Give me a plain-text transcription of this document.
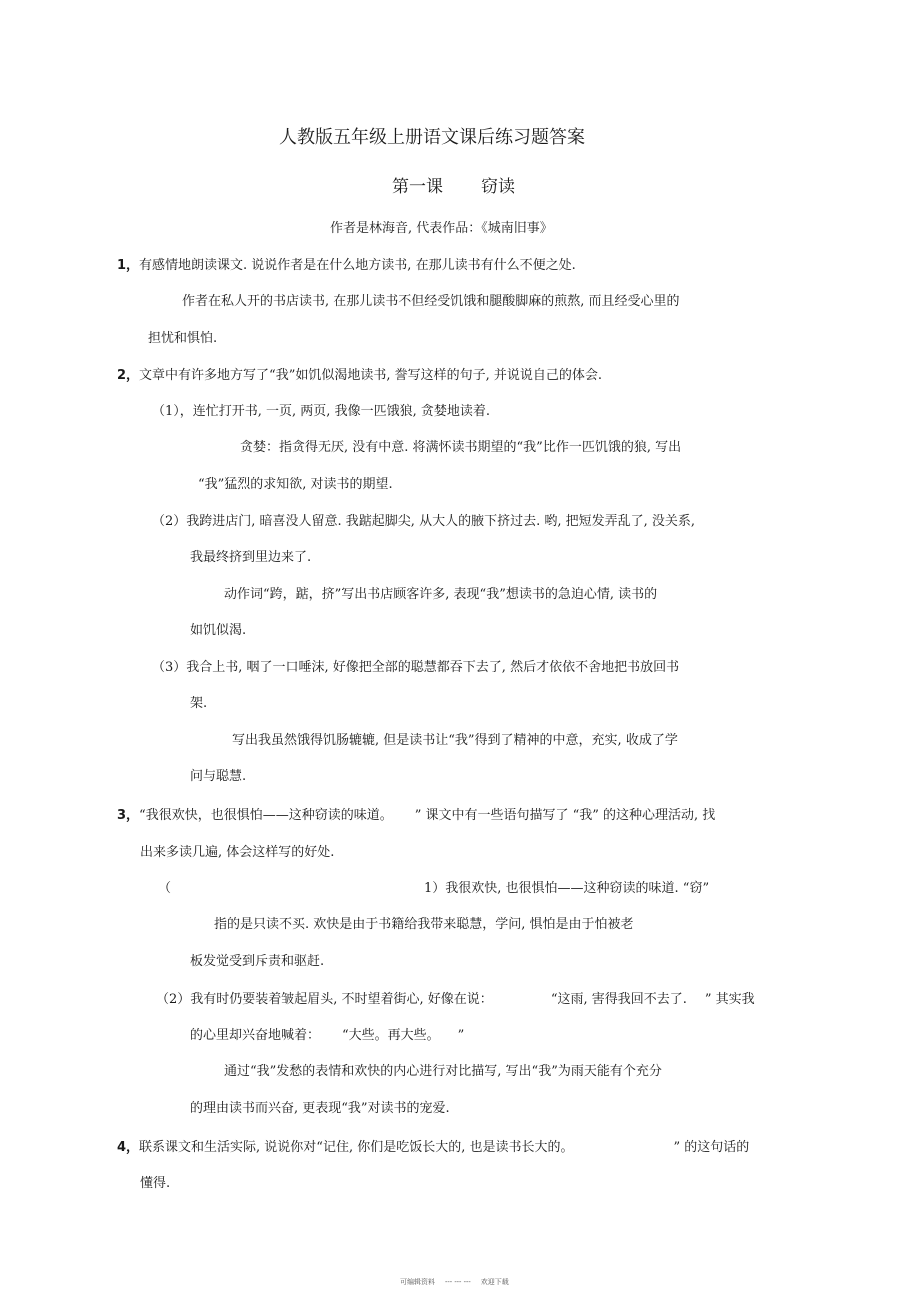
人教版五年级上册语文课后练习题答案
第一课 窃读
作者是林海音, 代表作品：《城南旧事》
1，有感情地朗读课文. 说说作者是在什么地方读书, 在那儿读书有什么不便之处.
作者在私人开的书店读书, 在那儿读书不但经受饥饿和腿酸脚麻的煎熬, 而且经受心里的
担忧和惧怕.
2，文章中有许多地方写了“我”如饥似渴地读书, 誊写这样的句子, 并说说自己的体会.
（1），连忙打开书, 一页, 两页, 我像一匹饿狼, 贪婪地读着.
贪婪：指贪得无厌, 没有中意. 将满怀读书期望的“我”比作一匹饥饿的狼, 写出
“我”猛烈的求知欲, 对读书的期望.
（2）我跨进店门, 暗喜没人留意. 我踮起脚尖, 从大人的腋下挤过去. 哟, 把短发弄乱了, 没关系,
我最终挤到里边来了.
动作词“跨，踮，挤”写出书店顾客许多, 表现“我”想读书的急迫心情, 读书的
如饥似渴.
（3）我合上书, 咽了一口唾沫, 好像把全部的聪慧都吞下去了, 然后才依依不舍地把书放回书
架.
写出我虽然饿得饥肠辘辘, 但是读书让“我”得到了精神的中意，充实, 收成了学
问与聪慧.
3，“我很欢快，也很惧怕——这种窃读的味道。 ” 课文中有一些语句描写了 “我” 的这种心理活动, 找
出来多读几遍, 体会这样写的好处.
（	1）我很欢快, 也很惧怕——这种窃读的味道. “窃”
指的是只读不买. 欢快是由于书籍给我带来聪慧，学问, 惧怕是由于怕被老
板发觉受到斥责和驱赶.
（2）我有时仍要装着皱起眉头, 不时望着街心, 好像在说：	“这雨, 害得我回不去了. ” 其实我
的心里却兴奋地喊着： “大些。再大些。 ”
通过“我”发愁的表情和欢快的内心进行对比描写, 写出“我”为雨天能有个充分
的理由读书而兴奋, 更表现“我”对读书的宠爱.
4，联系课文和生活实际, 说说你对“记住, 你们是吃饭长大的, 也是读书长大的。	” 的这句话的
懂得.
可编辑资料 --- --- --- 欢迎下载
